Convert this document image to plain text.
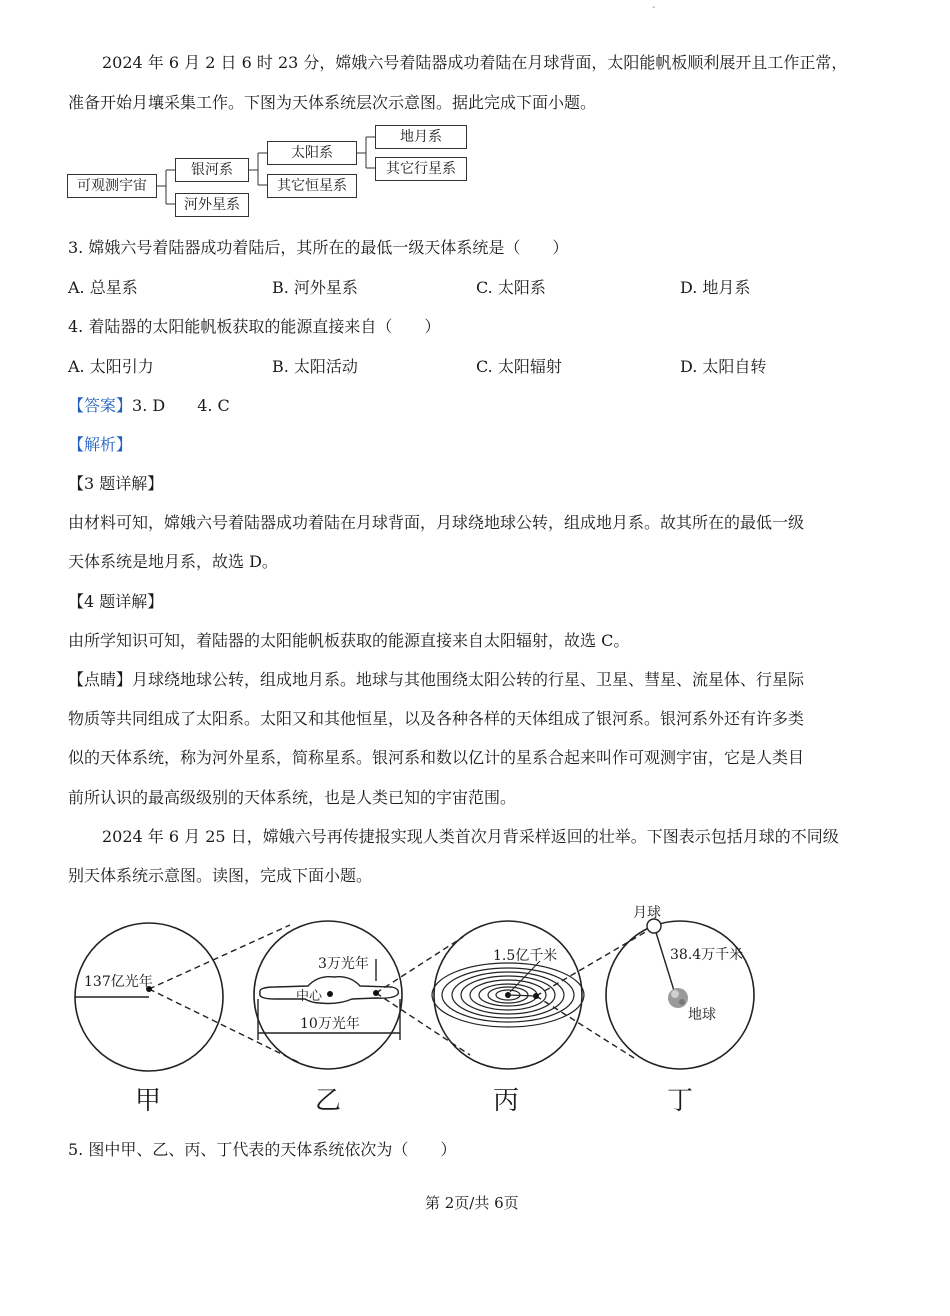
-
2024 年 6 月 2 日 6 时 23 分，嫦娥六号着陆器成功着陆在月球背面，太阳能帆板顺利展开且工作正常，
准备开始月壤采集工作。下图为天体系统层次示意图。据此完成下面小题。
可观测宇宙
银河系
河外星系
太阳系
其它恒星系
地月系
其它行星系
3. 嫦娥六号着陆器成功着陆后，其所在的最低一级天体系统是（　　）
A. 总星系	B. 河外星系	C. 太阳系	D. 地月系
4. 着陆器的太阳能帆板获取的能源直接来自（　　）
A. 太阳引力	B. 太阳活动	C. 太阳辐射	D. 太阳自转
【答案】3. D　　4. C
【解析】
【3 题详解】
由材料可知，嫦娥六号着陆器成功着陆在月球背面，月球绕地球公转，组成地月系。故其所在的最低一级
天体系统是地月系，故选 D。
【4 题详解】
由所学知识可知，着陆器的太阳能帆板获取的能源直接来自太阳辐射，故选 C。
【点睛】月球绕地球公转，组成地月系。地球与其他围绕太阳公转的行星、卫星、彗星、流星体、行星际
物质等共同组成了太阳系。太阳又和其他恒星，以及各种各样的天体组成了银河系。银河系外还有许多类
似的天体系统，称为河外星系，简称星系。银河系和数以亿计的星系合起来叫作可观测宇宙，它是人类目
前所认识的最高级级别的天体系统，也是人类已知的宇宙范围。
2024 年 6 月 25 日，嫦娥六号再传捷报实现人类首次月背采样返回的壮举。下图表示包括月球的不同级
别天体系统示意图。读图，完成下面小题。
137亿光年
3万光年
中心
10万光年
1.5亿千米
月球
38.4万千米
地球
甲	乙	丙	丁
5. 图中甲、乙、丙、丁代表的天体系统依次为（　　）
第 2页/共 6页
